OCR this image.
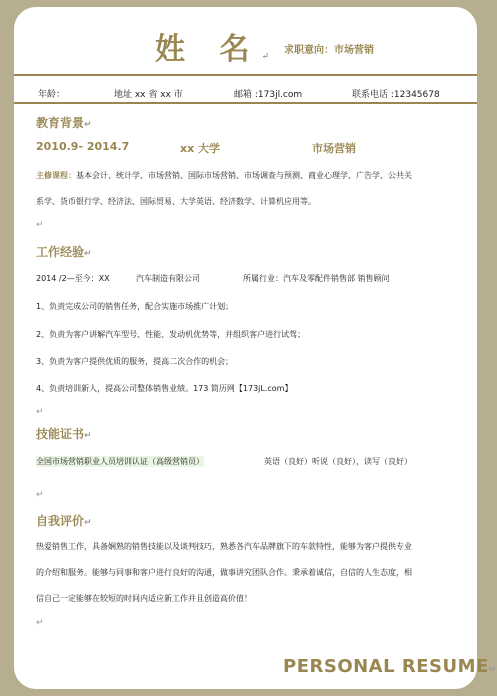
姓 名↵
求职意向：市场营销
年龄：	地址 xx 省 xx 市	邮箱 :173jl.com	联系电话 :12345678
教育背景↵
2010.9- 2014.7	xx 大学	市场营销
主修课程：基本会计、统计学、市场营销、国际市场营销、市场调查与预测、商业心理学、广告学、公共关
系学、货币银行学、经济法、国际贸易、大学英语、经济数学、计算机应用等。
↵
工作经验↵
2014 /2—至今：XX	汽车制造有限公司	所属行业：汽车及零配件销售部 销售顾问
1、负责完成公司的销售任务，配合实施市场推广计划；
2、负责为客户讲解汽车型号、性能、发动机优势等，并组织客户进行试驾；
3、负责为客户提供优质的服务，提高二次合作的机会；
4、负责培训新人，提高公司整体销售业绩。173 简历网【173jL.com】
↵
技能证书↵
全国市场营销职业人员培训认证（高级营销员）	英语（良好）听说（良好），读写（良好）
↵
自我评价↵
热爱销售工作，具备娴熟的销售技能以及谈判技巧，熟悉各汽车品牌旗下的车款特性，能够为客户提供专业
的介绍和服务。能够与同事和客户进行良好的沟通，做事讲究团队合作。秉承着诚信，自信的人生态度，相
信自己一定能够在较短的时间内适应新工作并且创造高价值！
↵
PERSONAL RESUME↵
